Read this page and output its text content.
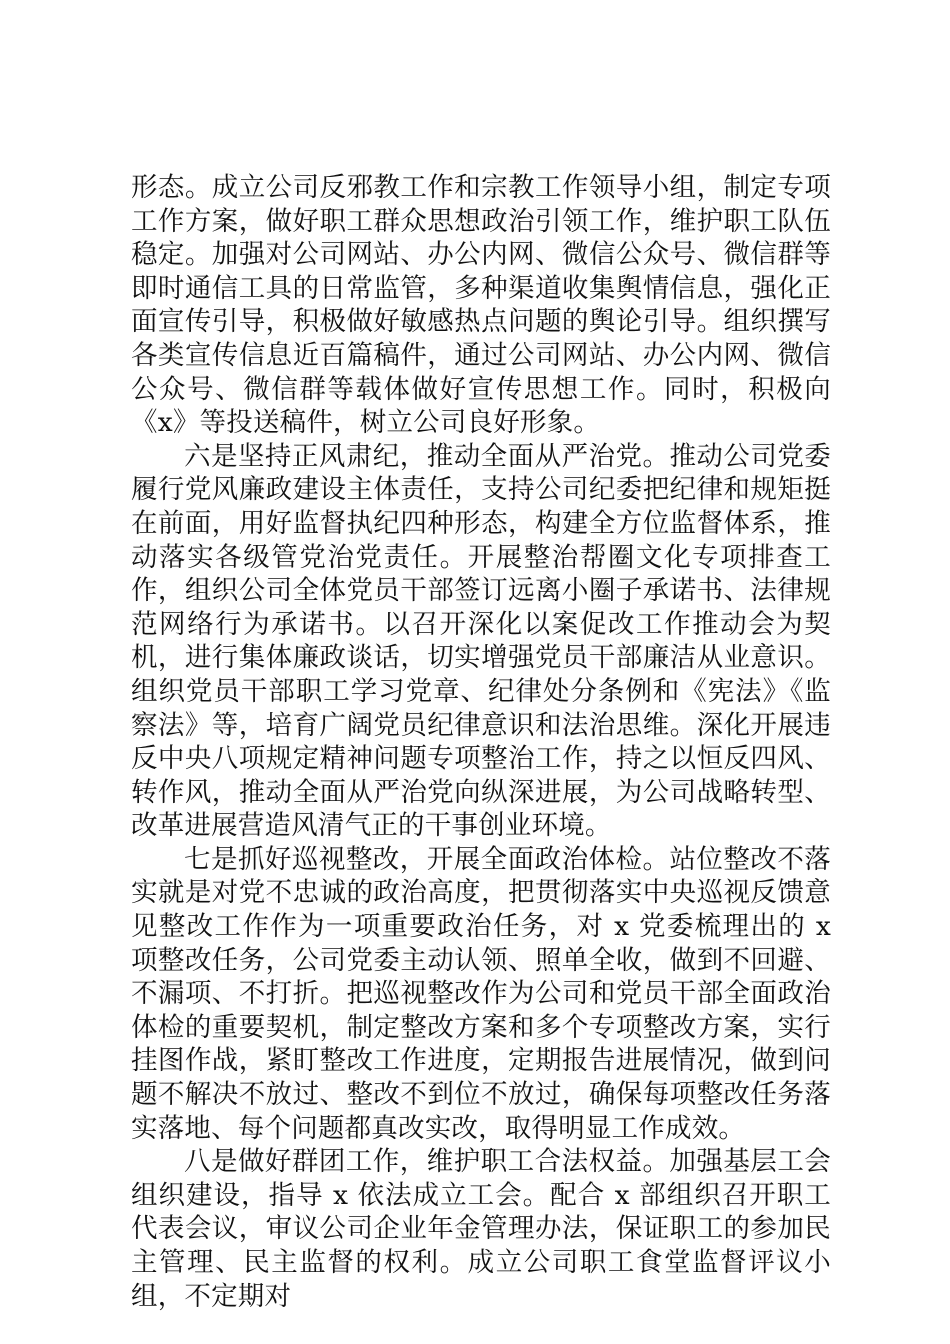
形态。成立公司反邪教工作和宗教工作领导小组，制定专项工作方案，做好职工群众思想政治引领工作，维护职工队伍稳定。加强对公司网站、办公内网、微信公众号、微信群等即时通信工具的日常监管，多种渠道收集舆情信息，强化正面宣传引导，积极做好敏感热点问题的舆论引导。组织撰写各类宣传信息近百篇稿件，通过公司网站、办公内网、微信公众号、微信群等载体做好宣传思想工作。同时，积极向《x》等投送稿件，树立公司良好形象。

六是坚持正风肃纪，推动全面从严治党。推动公司党委履行党风廉政建设主体责任，支持公司纪委把纪律和规矩挺在前面，用好监督执纪四种形态，构建全方位监督体系，推动落实各级管党治党责任。开展整治帮圈文化专项排查工作，组织公司全体党员干部签订远离小圈子承诺书、法律规范网络行为承诺书。以召开深化以案促改工作推动会为契机，进行集体廉政谈话，切实增强党员干部廉洁从业意识。组织党员干部职工学习党章、纪律处分条例和《宪法》《监察法》等，培育广阔党员纪律意识和法治思维。深化开展违反中央八项规定精神问题专项整治工作，持之以恒反四风、转作风，推动全面从严治党向纵深进展，为公司战略转型、改革进展营造风清气正的干事创业环境。

七是抓好巡视整改，开展全面政治体检。站位整改不落实就是对党不忠诚的政治高度，把贯彻落实中央巡视反馈意见整改工作作为一项重要政治任务，对 x 党委梳理出的 x 项整改任务，公司党委主动认领、照单全收，做到不回避、不漏项、不打折。把巡视整改作为公司和党员干部全面政治体检的重要契机，制定整改方案和多个专项整改方案，实行挂图作战，紧盯整改工作进度，定期报告进展情况，做到问题不解决不放过、整改不到位不放过，确保每项整改任务落实落地、每个问题都真改实改，取得明显工作成效。

八是做好群团工作，维护职工合法权益。加强基层工会组织建设，指导 x 依法成立工会。配合 x 部组织召开职工代表会议，审议公司企业年金管理办法，保证职工的参加民主管理、民主监督的权利。成立公司职工食堂监督评议小组，不定期对
